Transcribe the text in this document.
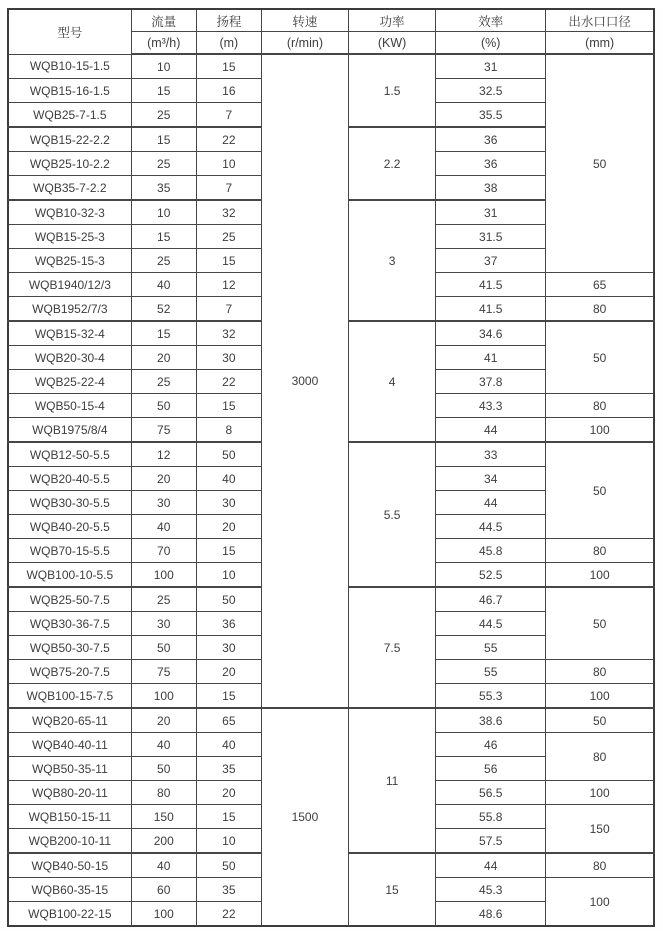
型号	流量	扬程	转速	功率	效率	出水口口径
	(m³/h)	(m)	(r/min)	(KW)	(%)	(mm)
WQB10-15-1.5	10	15	3000	1.5	31	50
WQB15-16-1.5	15	16			32.5	
WQB25-7-1.5	25	7			35.5	
WQB15-22-2.2	15	22		2.2	36	
WQB25-10-2.2	25	10			36	
WQB35-7-2.2	35	7			38	
WQB10-32-3	10	32		3	31	
WQB15-25-3	15	25			31.5	
WQB25-15-3	25	15			37	
WQB1940/12/3	40	12			41.5	65
WQB1952/7/3	52	7			41.5	80
WQB15-32-4	15	32		4	34.6	50
WQB20-30-4	20	30			41	
WQB25-22-4	25	22			37.8	
WQB50-15-4	50	15			43.3	80
WQB1975/8/4	75	8			44	100
WQB12-50-5.5	12	50		5.5	33	50
WQB20-40-5.5	20	40			34	
WQB30-30-5.5	30	30			44	
WQB40-20-5.5	40	20			44.5	
WQB70-15-5.5	70	15			45.8	80
WQB100-10-5.5	100	10			52.5	100
WQB25-50-7.5	25	50		7.5	46.7	50
WQB30-36-7.5	30	36			44.5	
WQB50-30-7.5	50	30			55	
WQB75-20-7.5	75	20			55	80
WQB100-15-7.5	100	15			55.3	100
WQB20-65-11	20	65	1500	11	38.6	50
WQB40-40-11	40	40			46	80
WQB50-35-11	50	35			56	
WQB80-20-11	80	20			56.5	100
WQB150-15-11	150	15			55.8	150
WQB200-10-11	200	10			57.5	
WQB40-50-15	40	50		15	44	80
WQB60-35-15	60	35			45.3	100
WQB100-22-15	100	22			48.6	
